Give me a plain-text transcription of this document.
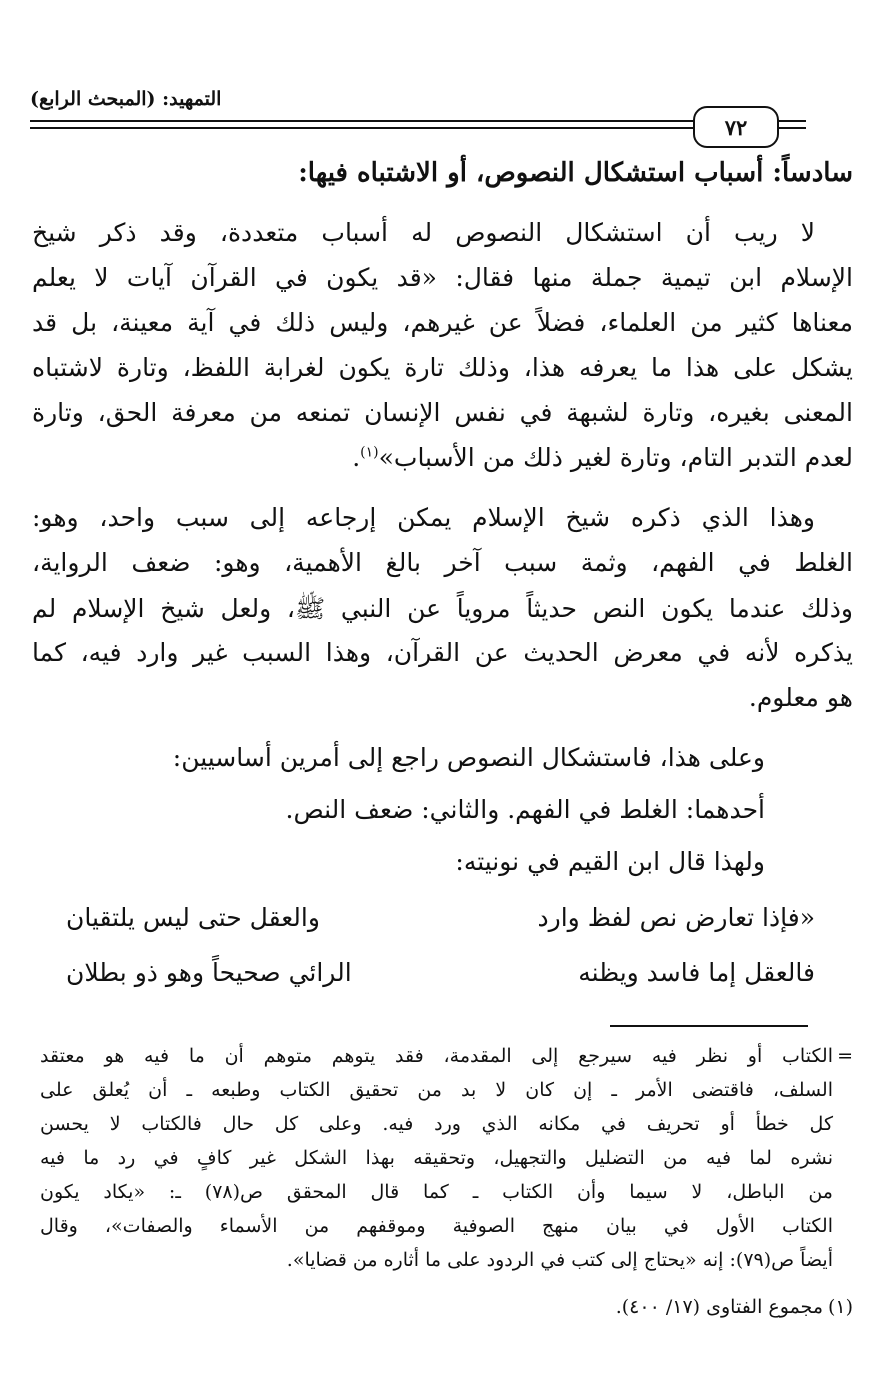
التمهيد: (المبحث الرابع)
٧٢
سادساً: أسباب استشكال النصوص، أو الاشتباه فيها:
لا ريب أن استشكال النصوص له أسباب متعددة، وقد ذكر شيخ
الإسلام ابن تيمية جملة منها فقال: «قد يكون في القرآن آيات لا يعلم
معناها كثير من العلماء، فضلاً عن غيرهم، وليس ذلك في آية معينة، بل قد
يشكل على هذا ما يعرفه هذا، وذلك تارة يكون لغرابة اللفظ، وتارة لاشتباه
المعنى بغيره، وتارة لشبهة في نفس الإنسان تمنعه من معرفة الحق، وتارة
لعدم التدبر التام، وتارة لغير ذلك من الأسباب»$^{(١)}$.
وهذا الذي ذكره شيخ الإسلام يمكن إرجاعه إلى سبب واحد، وهو:
الغلط في الفهم، وثمة سبب آخر بالغ الأهمية، وهو: ضعف الرواية،
وذلك عندما يكون النص حديثاً مروياً عن النبي ﷺ، ولعل شيخ الإسلام لم
يذكره لأنه في معرض الحديث عن القرآن، وهذا السبب غير وارد فيه، كما
هو معلوم.
وعلى هذا، فاستشكال النصوص راجع إلى أمرين أساسيين:
أحدهما: الغلط في الفهم. والثاني: ضعف النص.
ولهذا قال ابن القيم في نونيته:
«فإذا تعارض نص لفظ وارد
والعقل حتى ليس يلتقيان
فالعقل إما فاسد ويظنه
الرائي صحيحاً وهو ذو بطلان
=
الكتاب أو نظر فيه سيرجع إلى المقدمة، فقد يتوهم متوهم أن ما فيه هو معتقد
السلف، فاقتضى الأمر ـ إن كان لا بد من تحقيق الكتاب وطبعه ـ أن يُعلق على
كل خطأ أو تحريف في مكانه الذي ورد فيه. وعلى كل حال فالكتاب لا يحسن
نشره لما فيه من التضليل والتجهيل، وتحقيقه بهذا الشكل غير كافٍ في رد ما فيه
من الباطل، لا سيما وأن الكتاب ـ كما قال المحقق ص(٧٨) ـ: «يكاد يكون
الكتاب الأول في بيان منهج الصوفية وموقفهم من الأسماء والصفات»، وقال
أيضاً ص(٧٩): إنه «يحتاج إلى كتب في الردود على ما أثاره من قضايا».
(١)
مجموع الفتاوى (١٧/ ٤٠٠).
